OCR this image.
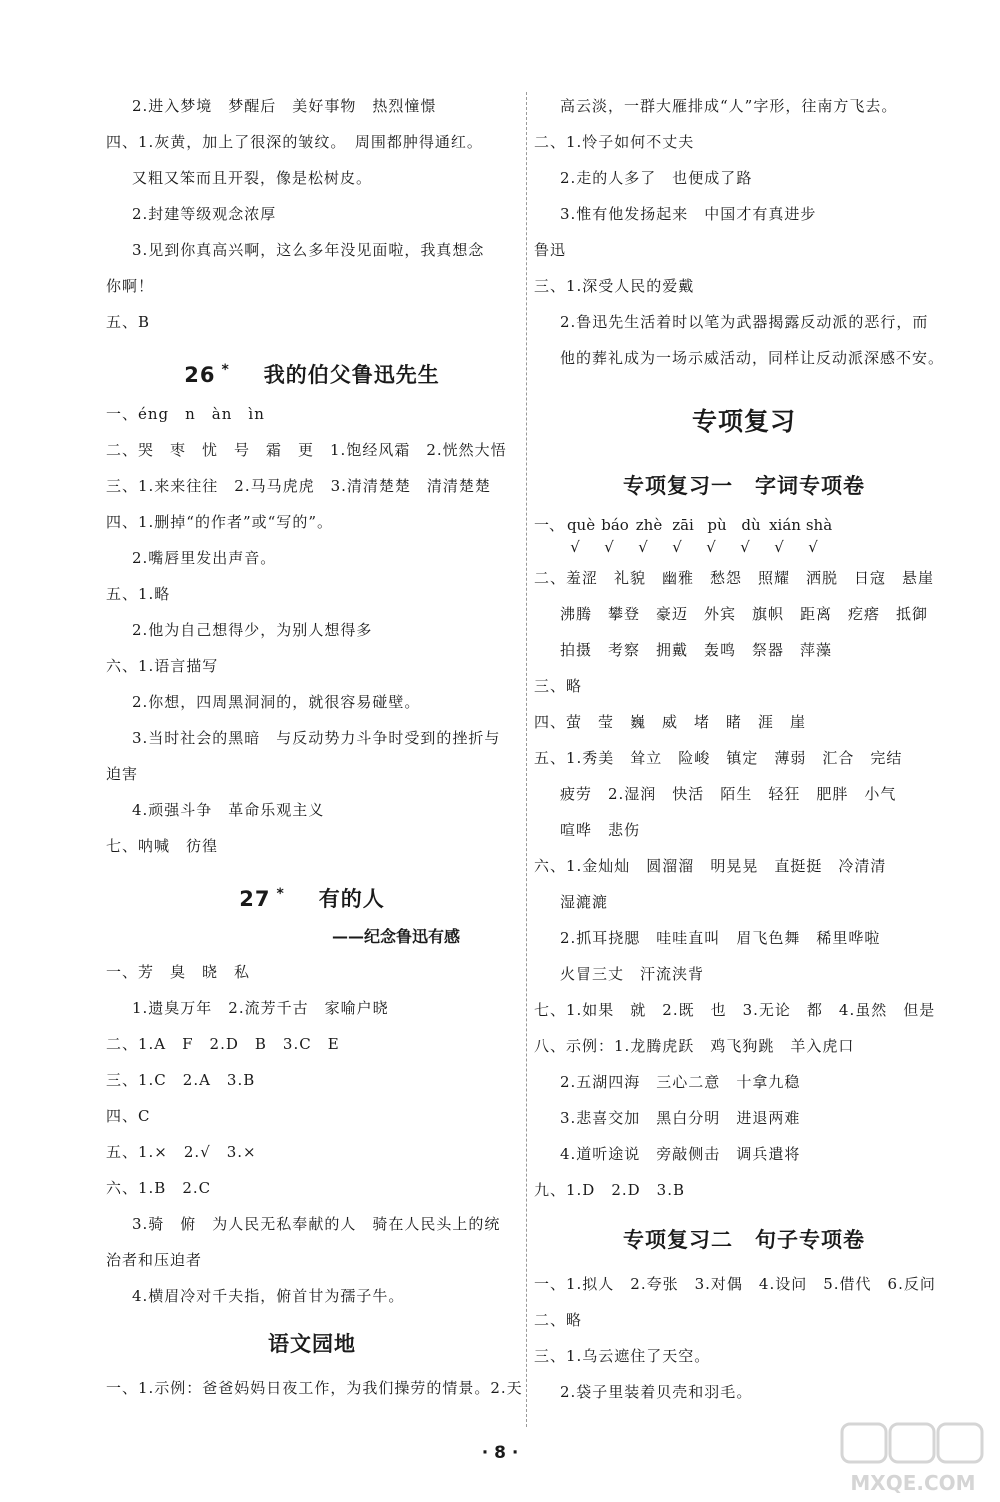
2.进入梦境　梦醒后　美好事物　热烈憧憬
四、1.灰黄，加上了很深的皱纹。　周围都肿得通红。
又粗又笨而且开裂，像是松树皮。
2.封建等级观念浓厚
3.见到你真高兴啊，这么多年没见面啦，我真想念
你啊！
五、B
26 * 我的伯父鲁迅先生
一、éng　n　àn　ìn
二、哭　枣　忧　号　霜　更　1.饱经风霜　2.恍然大悟
三、1.来来往往　2.马马虎虎　3.清清楚楚　清清楚楚
四、1.删掉“的作者”或“写的”。
2.嘴唇里发出声音。
五、1.略
2.他为自己想得少，为别人想得多
六、1.语言描写
2.你想，四周黑洞洞的，就很容易碰壁。
3.当时社会的黑暗　与反动势力斗争时受到的挫折与
迫害
4.顽强斗争　革命乐观主义
七、呐喊　彷徨
27 * 有的人
——纪念鲁迅有感
一、芳　臭　晓　私
1.遗臭万年　2.流芳千古　家喻户晓
二、1.A　F　2.D　B　3.C　E
三、1.C　2.A　3.B
四、C
五、1.×　2.√　3.×
六、1.B　2.C
3.骑　俯　为人民无私奉献的人　骑在人民头上的统
治者和压迫者
4.横眉冷对千夫指，俯首甘为孺子牛。
语文园地
一、1.示例：爸爸妈妈日夜工作，为我们操劳的情景。2.天
高云淡，一群大雁排成“人”字形，往南方飞去。
二、1.怜子如何不丈夫
2.走的人多了　也便成了路
3.惟有他发扬起来　中国才有真进步
鲁迅
三、1.深受人民的爱戴
2.鲁迅先生活着时以笔为武器揭露反动派的恶行，而
他的葬礼成为一场示威活动，同样让反动派深感不安。
专项复习
专项复习一　字词专项卷
一、 què báo zhè zāi pù dù xián shà
√ √ √ √ √ √ √ √
二、羞涩　礼貌　幽雅　愁怨　照耀　洒脱　日寇　悬崖
沸腾　攀登　豪迈　外宾　旗帜　距离　疙瘩　抵御
拍摄　考察　拥戴　轰鸣　祭器　萍藻
三、略
四、萤　莹　巍　威　堵　睹　涯　崖
五、1.秀美　耸立　险峻　镇定　薄弱　汇合　完结
疲劳　2.湿润　快活　陌生　轻狂　肥胖　小气
喧哗　悲伤
六、1.金灿灿　圆溜溜　明晃晃　直挺挺　冷清清
湿漉漉
2.抓耳挠腮　哇哇直叫　眉飞色舞　稀里哗啦
火冒三丈　汗流浃背
七、1.如果　就　2.既　也　3.无论　都　4.虽然　但是
八、示例：1.龙腾虎跃　鸡飞狗跳　羊入虎口
2.五湖四海　三心二意　十拿九稳
3.悲喜交加　黑白分明　进退两难
4.道听途说　旁敲侧击　调兵遣将
九、1.D　2.D　3.B
专项复习二　句子专项卷
一、1.拟人　2.夸张　3.对偶　4.设问　5.借代　6.反问
二、略
三、1.乌云遮住了天空。
2.袋子里装着贝壳和羽毛。
· 8 ·
MXQE.COM
